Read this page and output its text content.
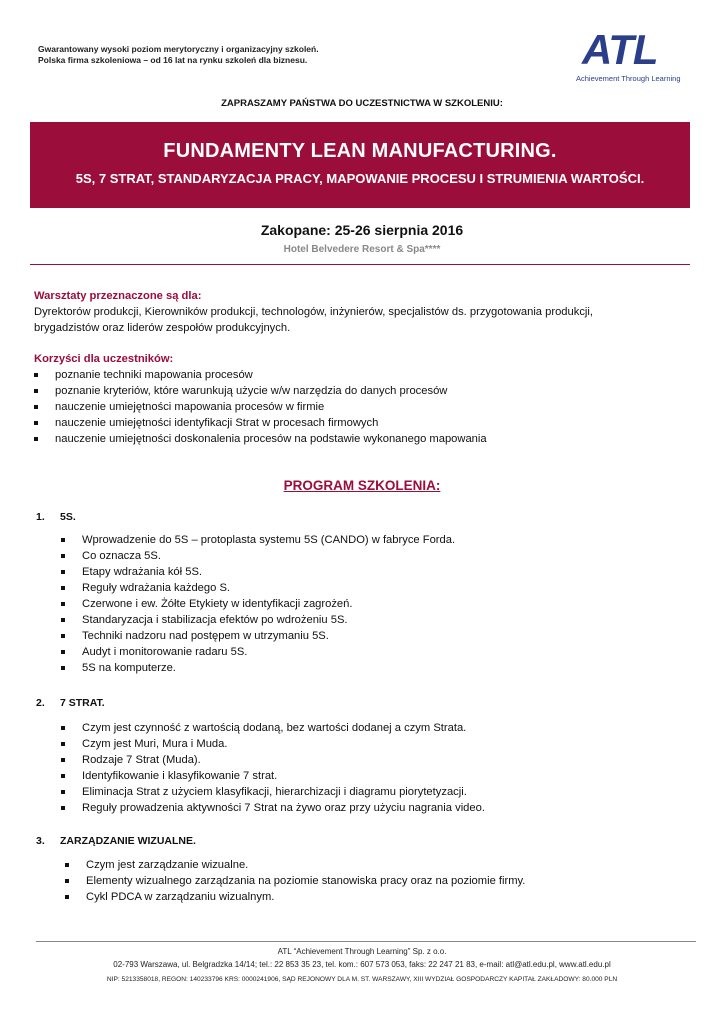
Gwarantowany wysoki poziom merytoryczny i organizacyjny szkoleń.
Polska firma szkoleniowa – od 16 lat na rynku szkoleń dla biznesu.	ATL
Achievement Through Learning
ZAPRASZAMY PAŃSTWA DO UCZESTNICTWA W SZKOLENIU:
FUNDAMENTY LEAN MANUFACTURING.
5S, 7 STRAT, STANDARYZACJA PRACY, MAPOWANIE PROCESU I STRUMIENIA WARTOŚCI.
Zakopane: 25-26 sierpnia 2016
Hotel Belvedere Resort & Spa****
Warsztaty przeznaczone są dla:
Dyrektorów produkcji, Kierowników produkcji, technologów, inżynierów, specjalistów ds. przygotowania produkcji,
brygadzistów oraz liderów zespołów produkcyjnych.
Korzyści dla uczestników:
poznanie techniki mapowania procesów
poznanie kryteriów, które warunkują użycie w/w narzędzia do danych procesów
nauczenie umiejętności mapowania procesów w firmie
nauczenie umiejętności identyfikacji Strat w procesach firmowych
nauczenie umiejętności doskonalenia procesów na podstawie wykonanego mapowania
PROGRAM SZKOLENIA:
1. 5S.
Wprowadzenie do 5S – protoplasta systemu 5S (CANDO) w fabryce Forda.
Co oznacza 5S.
Etapy wdrażania kół 5S.
Reguły wdrażania każdego S.
Czerwone i ew. Żółte Etykiety w identyfikacji zagrożeń.
Standaryzacja i stabilizacja efektów po wdrożeniu 5S.
Techniki nadzoru nad postępem w utrzymaniu 5S.
Audyt i monitorowanie radaru 5S.
5S na komputerze.
2. 7 STRAT.
Czym jest czynność z wartością dodaną, bez wartości dodanej a czym Strata.
Czym jest Muri, Mura i Muda.
Rodzaje 7 Strat (Muda).
Identyfikowanie i klasyfikowanie 7 strat.
Eliminacja Strat z użyciem klasyfikacji, hierarchizacji i diagramu piorytetyzacji.
Reguły prowadzenia aktywności 7 Strat na żywo oraz przy użyciu nagrania video.
3. ZARZĄDZANIE WIZUALNE.
Czym jest zarządzanie wizualne.
Elementy wizualnego zarządzania na poziomie stanowiska pracy oraz na poziomie firmy.
Cykl PDCA w zarządzaniu wizualnym.
ATL “Achievement Through Learning” Sp. z o.o.
02-793 Warszawa, ul. Belgradzka 14/14; tel.: 22 853 35 23, tel. kom.: 607 573 053, faks: 22 247 21 83, e-mail: atl@atl.edu.pl, www.atl.edu.pl
NIP: 5213358018, REGON: 140233796 KRS: 0000241906, SĄD REJONOWY DLA M. ST. WARSZAWY, XIII WYDZIAŁ GOSPODARCZY KAPITAŁ ZAKŁADOWY: 80.000 PLN
